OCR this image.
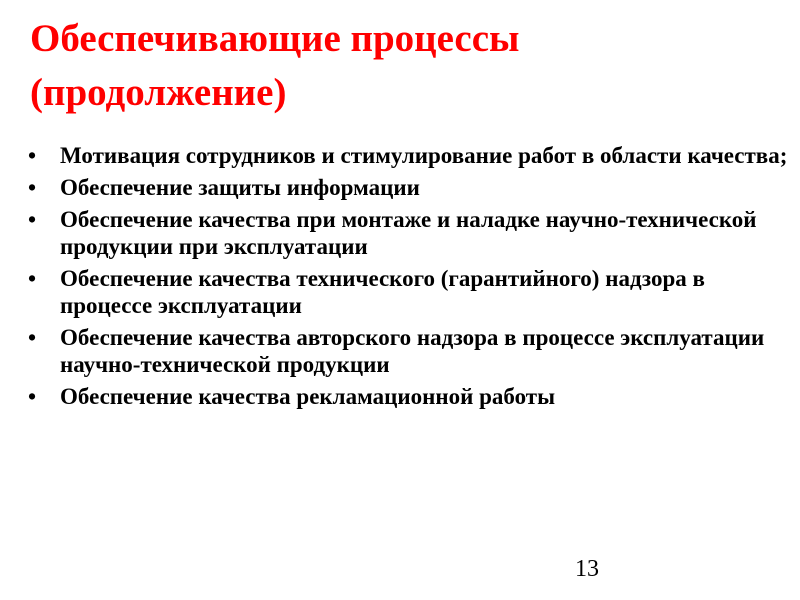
Обеспечивающие процессы
(продолжение)
•	Мотивация сотрудников и стимулирование работ в области качества;
•	Обеспечение защиты информации
•	Обеспечение качества при монтаже и наладке научно-технической продукции при эксплуатации
•	Обеспечение качества технического (гарантийного) надзора в процессе эксплуатации
•	Обеспечение качества авторского надзора в процессе эксплуатации научно-технической продукции
•	Обеспечение качества рекламационной работы
13
